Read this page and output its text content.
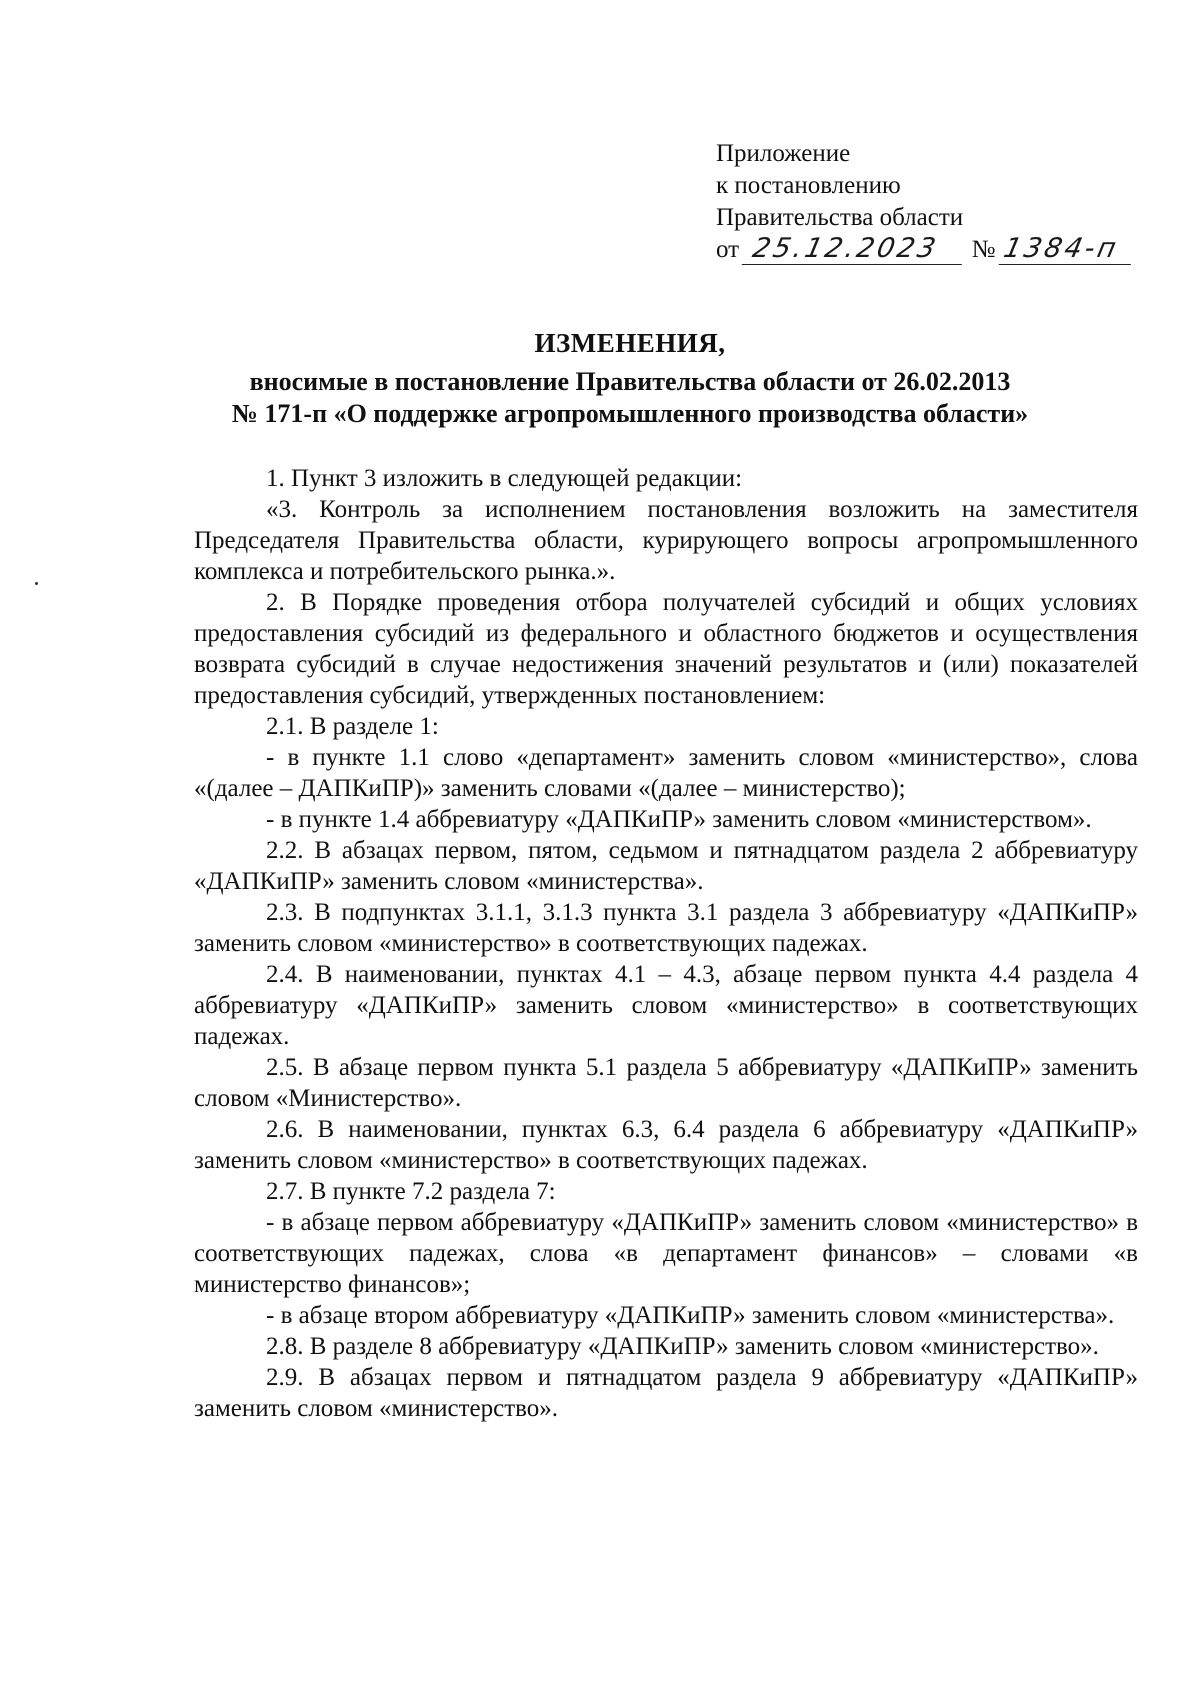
Приложение
к постановлению
Правительства области
от 25.12.2023 № 1384-п
ИЗМЕНЕНИЯ,
вносимые в постановление Правительства области от 26.02.2013
№ 171-п «О поддержке агропромышленного производства области»

1. Пункт 3 изложить в следующей редакции:

«3. Контроль за исполнением постановления возложить на заместителя Председателя Правительства области, курирующего вопросы агропромышленного комплекса и потребительского рынка.».

2. В Порядке проведения отбора получателей субсидий и общих условиях предоставления субсидий из федерального и областного бюджетов и осуществления возврата субсидий в случае недостижения значений результатов и (или) показателей предоставления субсидий, утвержденных постановлением:

2.1. В разделе 1:

- в пункте 1.1 слово «департамент» заменить словом «министерство», слова «(далее – ДАПКиПР)» заменить словами «(далее – министерство);

- в пункте 1.4 аббревиатуру «ДАПКиПР» заменить словом «министерством».

2.2. В абзацах первом, пятом, седьмом и пятнадцатом раздела 2 аббревиатуру «ДАПКиПР» заменить словом «министерства».

2.3. В подпунктах 3.1.1, 3.1.3 пункта 3.1 раздела 3 аббревиатуру «ДАПКиПР» заменить словом «министерство» в соответствующих падежах.

2.4. В наименовании, пунктах 4.1 – 4.3, абзаце первом пункта 4.4 раздела 4 аббревиатуру «ДАПКиПР» заменить словом «министерство» в соответствующих падежах.

2.5. В абзаце первом пункта 5.1 раздела 5 аббревиатуру «ДАПКиПР» заменить словом «Министерство».

2.6. В наименовании, пунктах 6.3, 6.4 раздела 6 аббревиатуру «ДАПКиПР» заменить словом «министерство» в соответствующих падежах.

2.7. В пункте 7.2 раздела 7:

- в абзаце первом аббревиатуру «ДАПКиПР» заменить словом «министерство» в соответствующих падежах, слова «в департамент финансов» – словами «в министерство финансов»;

- в абзаце втором аббревиатуру «ДАПКиПР» заменить словом «министерства».

2.8. В разделе 8 аббревиатуру «ДАПКиПР» заменить словом «министерство».

2.9. В абзацах первом и пятнадцатом раздела 9 аббревиатуру «ДАПКиПР» заменить словом «министерство».
